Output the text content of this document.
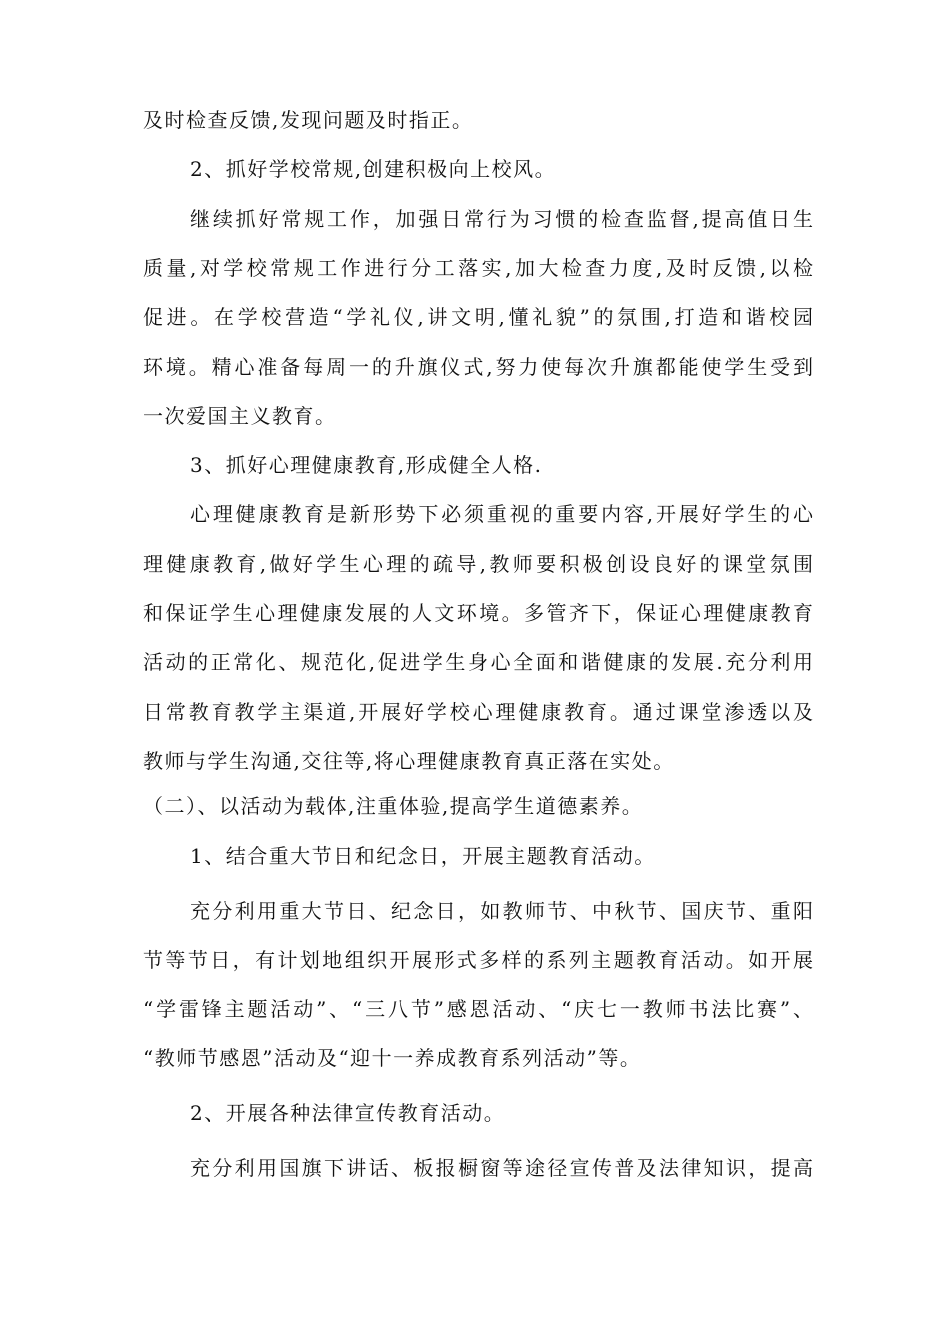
及时检查反馈,发现问题及时指正。
2、抓好学校常规,创建积极向上校风。
继续抓好常规工作，加强日常行为习惯的检查监督,提高值日生
质量,对学校常规工作进行分工落实,加大检查力度,及时反馈,以检
促进。在学校营造“学礼仪,讲文明,懂礼貌”的氛围,打造和谐校园
环境。精心准备每周一的升旗仪式,努力使每次升旗都能使学生受到
一次爱国主义教育。
3、抓好心理健康教育,形成健全人格.
心理健康教育是新形势下必须重视的重要内容,开展好学生的心
理健康教育,做好学生心理的疏导,教师要积极创设良好的课堂氛围
和保证学生心理健康发展的人文环境。多管齐下，保证心理健康教育
活动的正常化、规范化,促进学生身心全面和谐健康的发展.充分利用
日常教育教学主渠道,开展好学校心理健康教育。通过课堂渗透以及
教师与学生沟通,交往等,将心理健康教育真正落在实处。
（二）、以活动为载体,注重体验,提高学生道德素养。
1、结合重大节日和纪念日，开展主题教育活动。
充分利用重大节日、纪念日，如教师节、中秋节、国庆节、重阳
节等节日，有计划地组织开展形式多样的系列主题教育活动。如开展
“学雷锋主题活动”、“三八节”感恩活动、“庆七一教师书法比赛”、
“教师节感恩”活动及“迎十一养成教育系列活动”等。
2、开展各种法律宣传教育活动。
充分利用国旗下讲话、板报橱窗等途径宣传普及法律知识，提高
